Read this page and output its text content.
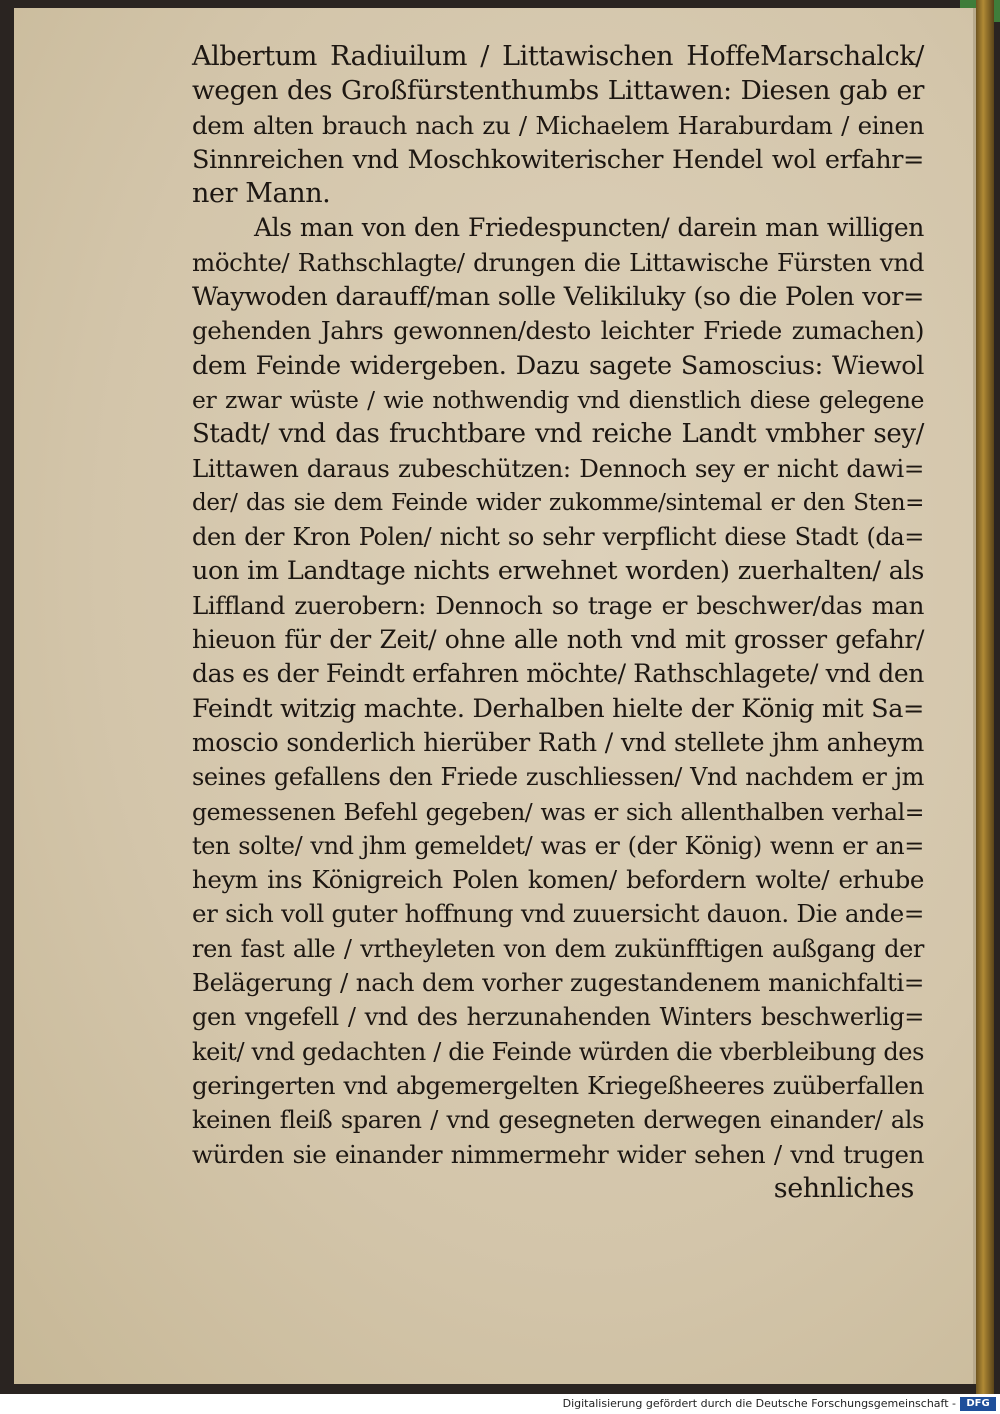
Albertum Radiuilum / Littawischen HoffeMarschalck/
wegen des Großfürstenthumbs Littawen: Diesen gab er
dem alten brauch nach zu / Michaelem Haraburdam / einen
Sinnreichen vnd Moschkowiterischer Hendel wol erfahr=
ner Mann.
Als man von den Friedespuncten/ darein man willigen
möchte/ Rathschlagte/ drungen die Littawische Fürsten vnd
Waywoden darauff/man solle Velikiluky (so die Polen vor=
gehenden Jahrs gewonnen/desto leichter Friede zumachen)
dem Feinde widergeben. Dazu sagete Samoscius: Wiewol
er zwar wüste / wie nothwendig vnd dienstlich diese gelegene
Stadt/ vnd das fruchtbare vnd reiche Landt vmbher sey/
Littawen daraus zubeschützen: Dennoch sey er nicht dawi=
der/ das sie dem Feinde wider zukomme/sintemal er den Sten=
den der Kron Polen/ nicht so sehr verpflicht diese Stadt (da=
uon im Landtage nichts erwehnet worden) zuerhalten/ als
Liffland zuerobern: Dennoch so trage er beschwer/das man
hieuon für der Zeit/ ohne alle noth vnd mit grosser gefahr/
das es der Feindt erfahren möchte/ Rathschlagete/ vnd den
Feindt witzig machte. Derhalben hielte der König mit Sa=
moscio sonderlich hierüber Rath / vnd stellete jhm anheym
seines gefallens den Friede zuschliessen/ Vnd nachdem er jm
gemessenen Befehl gegeben/ was er sich allenthalben verhal=
ten solte/ vnd jhm gemeldet/ was er (der König) wenn er an=
heym ins Königreich Polen komen/ befordern wolte/ erhube
er sich voll guter hoffnung vnd zuuersicht dauon. Die ande=
ren fast alle / vrtheyleten von dem zukünfftigen außgang der
Belägerung / nach dem vorher zugestandenem manichfalti=
gen vngefell / vnd des herzunahenden Winters beschwerlig=
keit/ vnd gedachten / die Feinde würden die vberbleibung des
geringerten vnd abgemergelten Kriegeßheeres zuüberfallen
keinen fleiß sparen / vnd gesegneten derwegen einander/ als
würden sie einander nimmermehr wider sehen / vnd trugen
sehnliches
Digitalisierung gefördert durch die Deutsche Forschungsgemeinschaft -	DFG
